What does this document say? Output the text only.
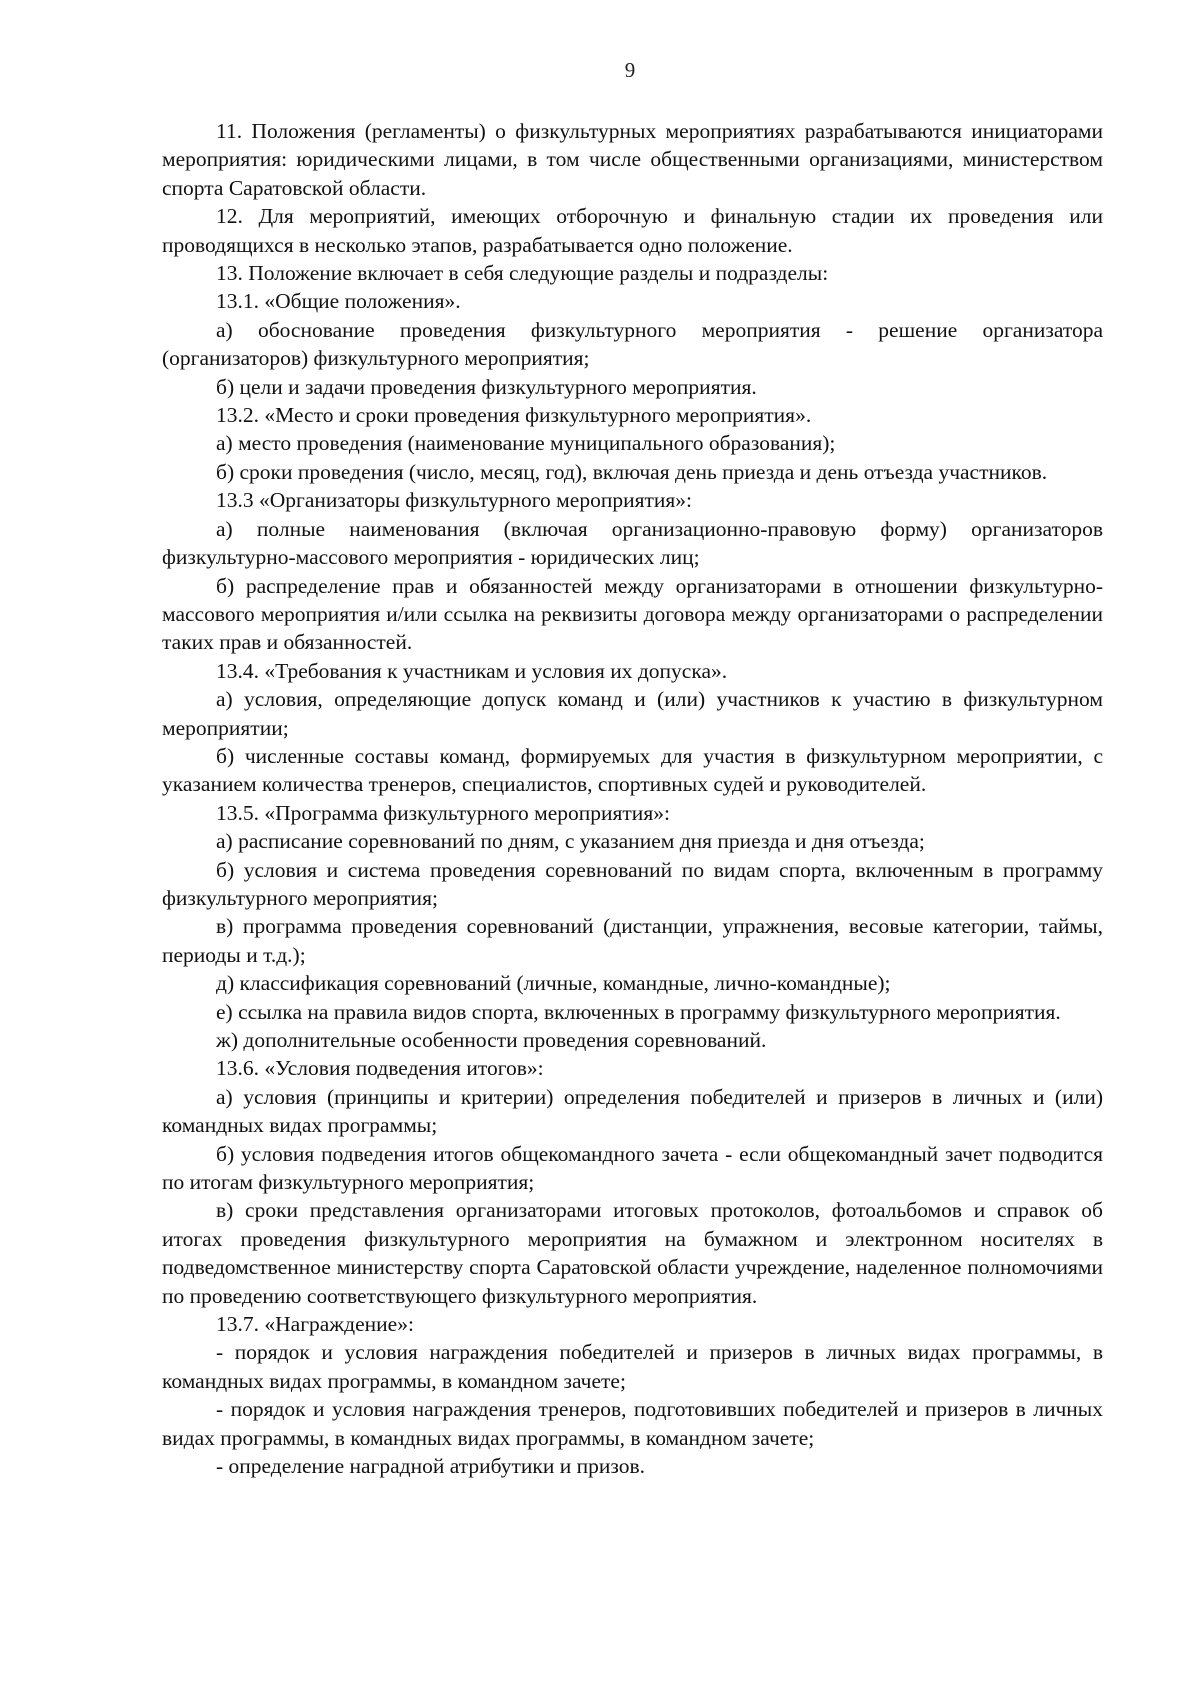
9

11. Положения (регламенты) о физкультурных мероприятиях разрабатываются инициаторами мероприятия: юридическими лицами, в том числе общественными организациями, министерством спорта Саратовской области.

12. Для мероприятий, имеющих отборочную и финальную стадии их проведения или проводящихся в несколько этапов, разрабатывается одно положение.

13. Положение включает в себя следующие разделы и подразделы:

13.1. «Общие положения».

а) обоснование проведения физкультурного мероприятия - решение организатора (организаторов) физкультурного мероприятия;

б) цели и задачи проведения физкультурного мероприятия.

13.2. «Место и сроки проведения физкультурного мероприятия».

а) место проведения (наименование муниципального образования);

б) сроки проведения (число, месяц, год), включая день приезда и день отъезда участников.

13.3 «Организаторы физкультурного мероприятия»:

а) полные наименования (включая организационно-правовую форму) организаторов физкультурно-массового мероприятия - юридических лиц;

б) распределение прав и обязанностей между организаторами в отношении физкультурно-массового мероприятия и/или ссылка на реквизиты договора между организаторами о распределении таких прав и обязанностей.

13.4. «Требования к участникам и условия их допуска».

а) условия, определяющие допуск команд и (или) участников к участию в физкультурном мероприятии;

б) численные составы команд, формируемых для участия в физкультурном мероприятии, с указанием количества тренеров, специалистов, спортивных судей и руководителей.

13.5. «Программа физкультурного мероприятия»:

а) расписание соревнований по дням, с указанием дня приезда и дня отъезда;

б) условия и система проведения соревнований по видам спорта, включенным в программу физкультурного мероприятия;

в) программа проведения соревнований (дистанции, упражнения, весовые категории, таймы, периоды и т.д.);

д) классификация соревнований (личные, командные, лично-командные);

е) ссылка на правила видов спорта, включенных в программу физкультурного мероприятия.

ж) дополнительные особенности проведения соревнований.

13.6. «Условия подведения итогов»:

а) условия (принципы и критерии) определения победителей и призеров в личных и (или) командных видах программы;

б) условия подведения итогов общекомандного зачета - если общекомандный зачет подводится по итогам физкультурного мероприятия;

в) сроки представления организаторами итоговых протоколов, фотоальбомов и справок об итогах проведения физкультурного мероприятия на бумажном и электронном носителях в подведомственное министерству спорта Саратовской области учреждение, наделенное полномочиями по проведению соответствующего физкультурного мероприятия.

13.7. «Награждение»:

- порядок и условия награждения победителей и призеров в личных видах программы, в командных видах программы, в командном зачете;

- порядок и условия награждения тренеров, подготовивших победителей и призеров в личных видах программы, в командных видах программы, в командном зачете;

- определение наградной атрибутики и призов.
